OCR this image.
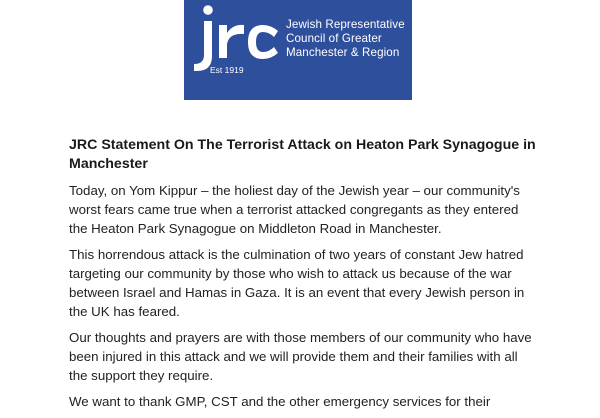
Jewish Representative
Council of Greater
Manchester & Region
Est 1919
JRC Statement On The Terrorist Attack on Heaton Park Synagogue in Manchester

Today, on Yom Kippur – the holiest day of the Jewish year – our community's worst fears came true when a terrorist attacked congregants as they entered the Heaton Park Synagogue on Middleton Road in Manchester.

This horrendous attack is the culmination of two years of constant Jew hatred targeting our community by those who wish to attack us because of the war between Israel and Hamas in Gaza. It is an event that every Jewish person in the UK has feared.

Our thoughts and prayers are with those members of our community who have been injured in this attack and we will provide them and their families with all the support they require.

We want to thank GMP, CST and the other emergency services for their
